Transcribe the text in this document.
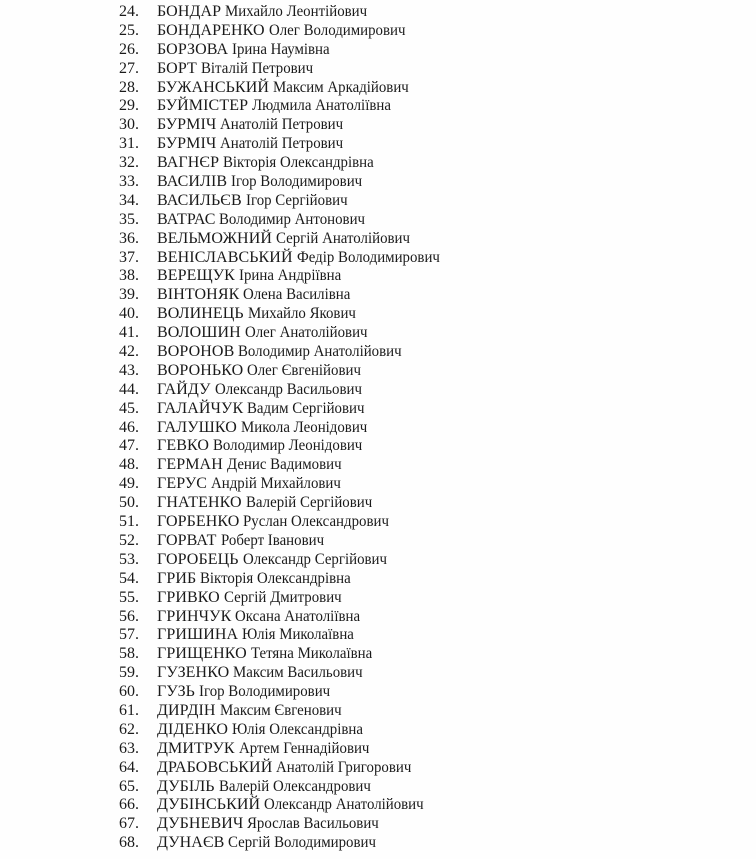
24.	БОНДАР Михайло Леонтійович
25.	БОНДАРЕНКО Олег Володимирович
26.	БОРЗОВА Ірина Наумівна
27.	БОРТ Віталій Петрович
28.	БУЖАНСЬКИЙ Максим Аркадійович
29.	БУЙМІСТЕР Людмила Анатоліївна
30.	БУРМІЧ Анатолій Петрович
31.	БУРМІЧ Анатолій Петрович
32.	ВАГНЄР Вікторія Олександрівна
33.	ВАСИЛІВ Ігор Володимирович
34.	ВАСИЛЬЄВ Ігор Сергійович
35.	ВАТРАС Володимир Антонович
36.	ВЕЛЬМОЖНИЙ Сергій Анатолійович
37.	ВЕНІСЛАВСЬКИЙ Федір Володимирович
38.	ВЕРЕЩУК Ірина Андріївна
39.	ВІНТОНЯК Олена Василівна
40.	ВОЛИНЕЦЬ Михайло Якович
41.	ВОЛОШИН Олег Анатолійович
42.	ВОРОНОВ Володимир Анатолійович
43.	ВОРОНЬКО Олег Євгенійович
44.	ГАЙДУ Олександр Васильович
45.	ГАЛАЙЧУК Вадим Сергійович
46.	ГАЛУШКО Микола Леонідович
47.	ГЕВКО Володимир Леонідович
48.	ГЕРМАН Денис Вадимович
49.	ГЕРУС Андрій Михайлович
50.	ГНАТЕНКО Валерій Сергійович
51.	ГОРБЕНКО Руслан Олександрович
52.	ГОРВАТ Роберт Іванович
53.	ГОРОБЕЦЬ Олександр Сергійович
54.	ГРИБ Вікторія Олександрівна
55.	ГРИВКО Сергій Дмитрович
56.	ГРИНЧУК Оксана Анатоліївна
57.	ГРИШИНА Юлія Миколаївна
58.	ГРИЩЕНКО Тетяна Миколаївна
59.	ГУЗЕНКО Максим Васильович
60.	ГУЗЬ Ігор Володимирович
61.	ДИРДІН Максим Євгенович
62.	ДІДЕНКО Юлія Олександрівна
63.	ДМИТРУК Артем Геннадійович
64.	ДРАБОВСЬКИЙ Анатолій Григорович
65.	ДУБІЛЬ Валерій Олександрович
66.	ДУБІНСЬКИЙ Олександр Анатолійович
67.	ДУБНЕВИЧ Ярослав Васильович
68.	ДУНАЄВ Сергій Володимирович
